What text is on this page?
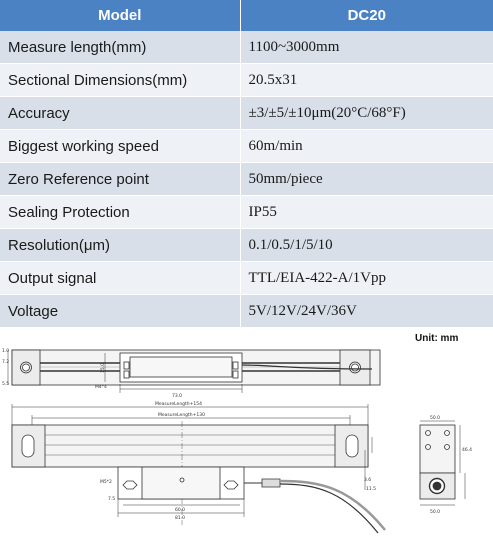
Model	DC20
Measure length(mm)	1100~3000mm
Sectional Dimensions(mm)	20.5x31
Accuracy	±3/±5/±10μm(20°C/68°F)
Biggest working speed	60m/min
Zero Reference point	50mm/piece
Sealing Protection	IP55
Resolution(μm)	0.1/0.5/1/5/10
Output signal	TTL/EIA-422-A/1Vpp
Voltage	5V/12V/24V/36V
Unit: mm
73.0
15.0
7.2
5.5
1.0
M4*4
MeasureLength+154
MeasureLength+130
M5*2
60.0
81.0
50.0
50.0
46.4
7.5
3.6
11.5
